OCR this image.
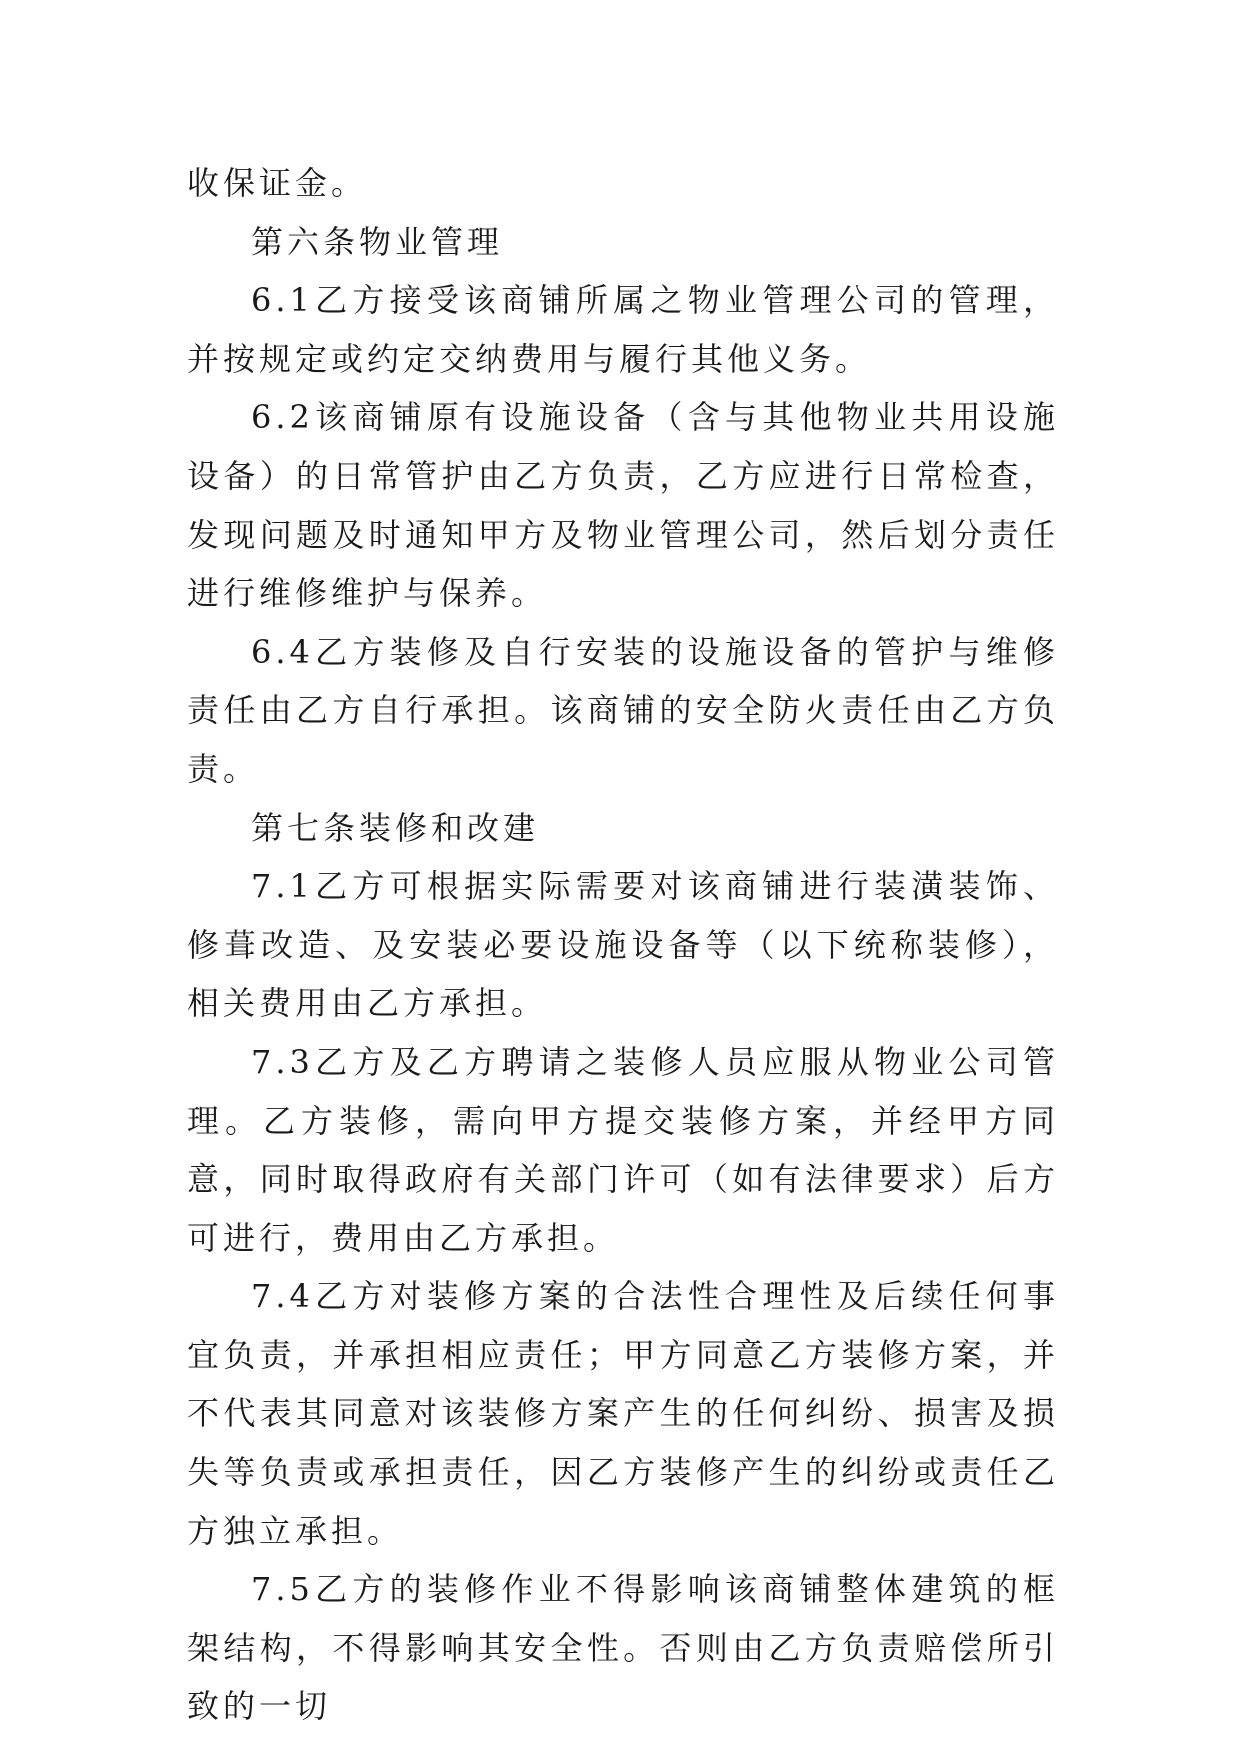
收保证金。

第六条物业管理

6.1乙方接受该商铺所属之物业管理公司的管理，并按规定或约定交纳费用与履行其他义务。

6.2该商铺原有设施设备（含与其他物业共用设施设备）的日常管护由乙方负责，乙方应进行日常检查，发现问题及时通知甲方及物业管理公司，然后划分责任进行维修维护与保养。

6.4乙方装修及自行安装的设施设备的管护与维修责任由乙方自行承担。该商铺的安全防火责任由乙方负责。

第七条装修和改建

7.1乙方可根据实际需要对该商铺进行装潢装饰、修葺改造、及安装必要设施设备等（以下统称装修），相关费用由乙方承担。

7.3乙方及乙方聘请之装修人员应服从物业公司管理。乙方装修，需向甲方提交装修方案，并经甲方同意，同时取得政府有关部门许可（如有法律要求）后方可进行，费用由乙方承担。

7.4乙方对装修方案的合法性合理性及后续任何事宜负责，并承担相应责任；甲方同意乙方装修方案，并不代表其同意对该装修方案产生的任何纠纷、损害及损失等负责或承担责任，因乙方装修产生的纠纷或责任乙方独立承担。

7.5乙方的装修作业不得影响该商铺整体建筑的框架结构，不得影响其安全性。否则由乙方负责赔偿所引致的一切
